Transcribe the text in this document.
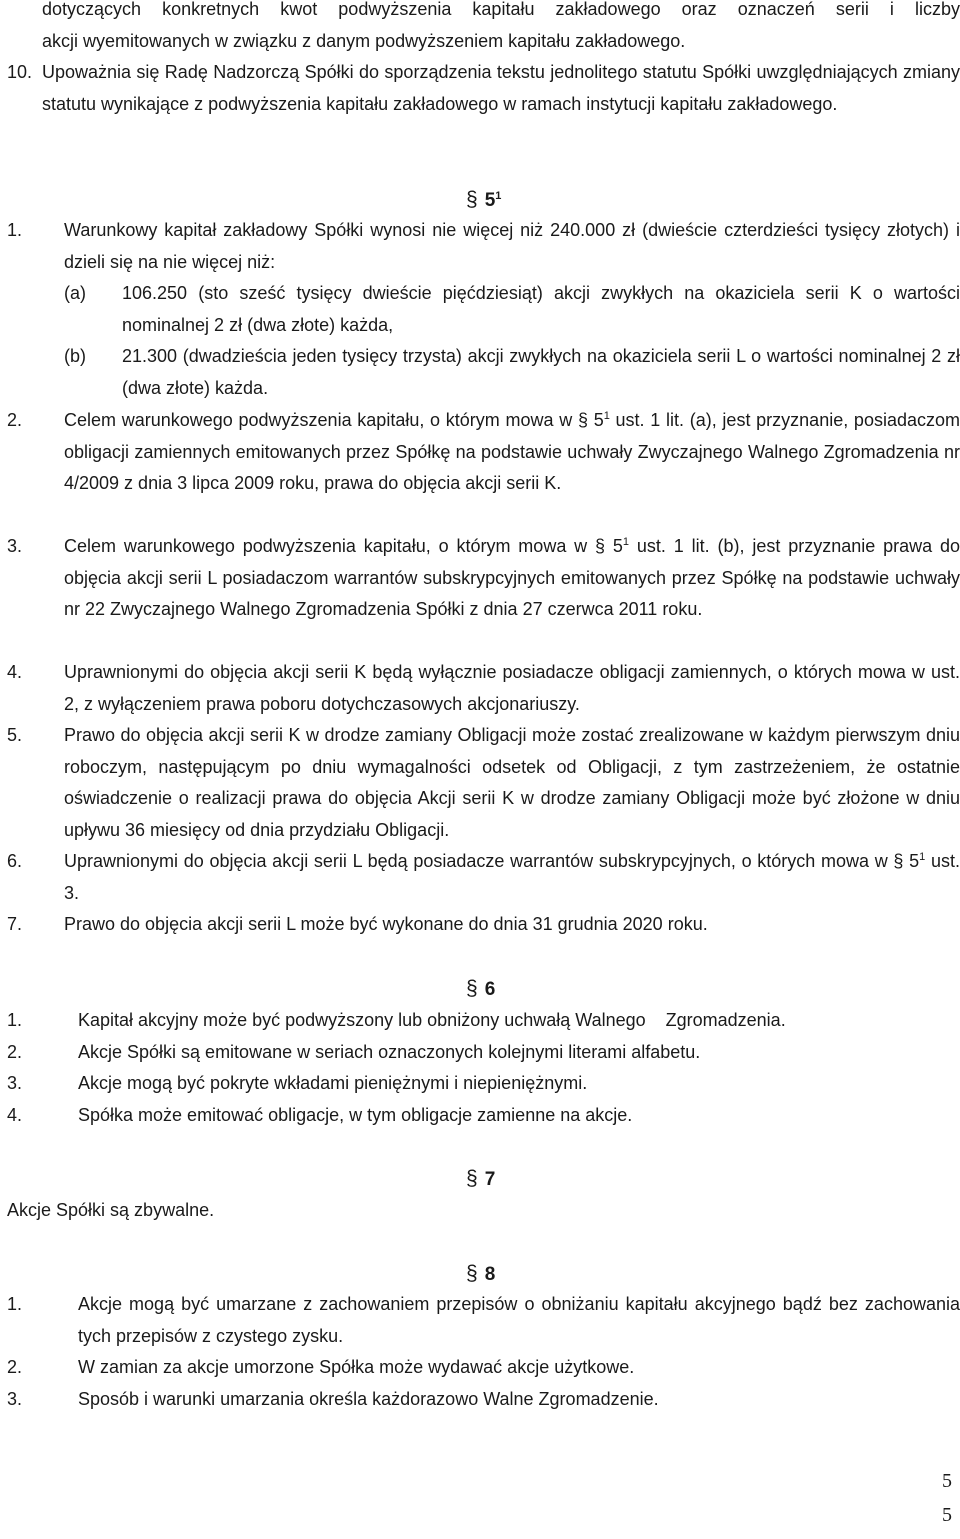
dotyczących konkretnych kwot podwyższenia kapitału zakładowego oraz oznaczeń serii i liczby
akcji wyemitowanych w związku z danym podwyższeniem kapitału zakładowego.
10. Upoważnia się Radę Nadzorczą Spółki do sporządzenia tekstu jednolitego statutu Spółki uwzględniających zmiany statutu wynikające z podwyższenia kapitału zakładowego w ramach instytucji kapitału zakładowego.
§ $5^1$
1. Warunkowy kapitał zakładowy Spółki wynosi nie więcej niż 240.000 zł (dwieście czterdzieści tysięcy złotych) i dzieli się na nie więcej niż:
(a) 106.250 (sto sześć tysięcy dwieście pięćdziesiąt) akcji zwykłych na okaziciela serii K o wartości nominalnej 2 zł (dwa złote) każda,
(b) 21.300 (dwadzieścia jeden tysięcy trzysta) akcji zwykłych na okaziciela serii L o wartości nominalnej 2 zł (dwa złote) każda.
2. Celem warunkowego podwyższenia kapitału, o którym mowa w § $5^1$ ust. 1 lit. (a), jest przyznanie, posiadaczom obligacji zamiennych emitowanych przez Spółkę na podstawie uchwały Zwyczajnego Walnego Zgromadzenia nr 4/2009 z dnia 3 lipca 2009 roku, prawa do objęcia akcji serii K.
3. Celem warunkowego podwyższenia kapitału, o którym mowa w § $5^1$ ust. 1 lit. (b), jest przyznanie prawa do objęcia akcji serii L posiadaczom warrantów subskrypcyjnych emitowanych przez Spółkę na podstawie uchwały nr 22 Zwyczajnego Walnego Zgromadzenia Spółki z dnia 27 czerwca 2011 roku.
4. Uprawnionymi do objęcia akcji serii K będą wyłącznie posiadacze obligacji zamiennych, o których mowa w ust. 2, z wyłączeniem prawa poboru dotychczasowych akcjonariuszy.
5. Prawo do objęcia akcji serii K w drodze zamiany Obligacji może zostać zrealizowane w każdym pierwszym dniu roboczym, następującym po dniu wymagalności odsetek od Obligacji, z tym zastrzeżeniem, że ostatnie oświadczenie o realizacji prawa do objęcia Akcji serii K w drodze zamiany Obligacji może być złożone w dniu upływu 36 miesięcy od dnia przydziału Obligacji.
6. Uprawnionymi do objęcia akcji serii L będą posiadacze warrantów subskrypcyjnych, o których mowa w § $5^1$ ust. 3.
7. Prawo do objęcia akcji serii L może być wykonane do dnia 31 grudnia 2020 roku.
§ 6
1.	Kapitał akcyjny może być podwyższony lub obniżony uchwałą Walnego    Zgromadzenia.
2.	Akcje Spółki są emitowane w seriach oznaczonych kolejnymi literami alfabetu.
3.	Akcje mogą być pokryte wkładami pieniężnymi i niepieniężnymi.
4.	Spółka może emitować obligacje, w tym obligacje zamienne na akcje.
§ 7
Akcje Spółki są zbywalne.
§ 8
1.	Akcje mogą być umarzane z zachowaniem przepisów o obniżaniu kapitału akcyjnego bądź bez zachowania tych przepisów z czystego zysku.
2.	W zamian za akcje umorzone Spółka może wydawać akcje użytkowe.
3.	Sposób i warunki umarzania określa każdorazowo Walne Zgromadzenie.
5
5
